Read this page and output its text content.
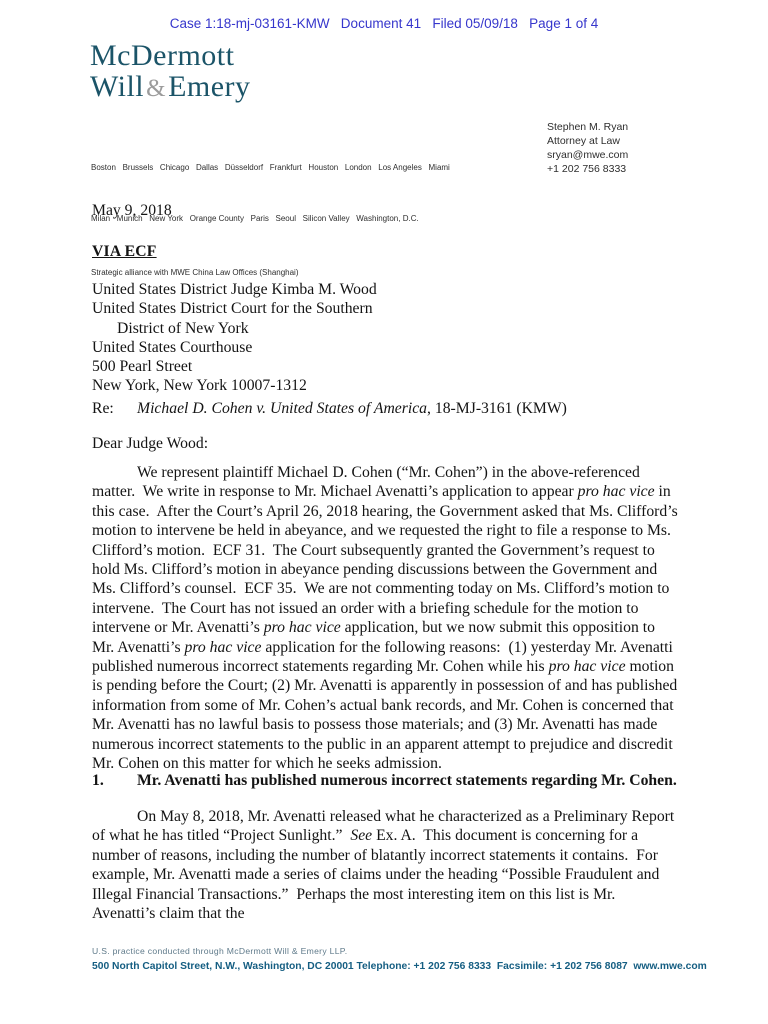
Case 1:18-mj-03161-KMW   Document 41   Filed 05/09/18   Page 1 of 4
McDermott
Will&Emery

Boston   Brussels   Chicago   Dallas   Düsseldorf   Frankfurt   Houston   London   Los Angeles   Miami

Milan   Munich   New York   Orange County   Paris   Seoul   Silicon Valley   Washington, D.C.

Strategic alliance with MWE China Law Offices (Shanghai)

Stephen M. Ryan
Attorney at Law
sryan@mwe.com
+1 202 756 8333
May 9, 2018
VIA ECF
United States District Judge Kimba M. Wood
United States District Court for the Southern
District of New York
United States Courthouse
500 Pearl Street
New York, New York 10007-1312
Re:	Michael D. Cohen v. United States of America, 18-MJ-3161 (KMW)
Dear Judge Wood:
We represent plaintiff Michael D. Cohen (“Mr. Cohen”) in the above-referenced matter.  We write in response to Mr. Michael Avenatti’s application to appear pro hac vice in this case.  After the Court’s April 26, 2018 hearing, the Government asked that Ms. Clifford’s motion to intervene be held in abeyance, and we requested the right to file a response to Ms. Clifford’s motion.  ECF 31.  The Court subsequently granted the Government’s request to hold Ms. Clifford’s motion in abeyance pending discussions between the Government and Ms. Clifford’s counsel.  ECF 35.  We are not commenting today on Ms. Clifford’s motion to intervene.  The Court has not issued an order with a briefing schedule for the motion to intervene or Mr. Avenatti’s pro hac vice application, but we now submit this opposition to Mr. Avenatti’s pro hac vice application for the following reasons:  (1) yesterday Mr. Avenatti published numerous incorrect statements regarding Mr. Cohen while his pro hac vice motion is pending before the Court; (2) Mr. Avenatti is apparently in possession of and has published information from some of Mr. Cohen’s actual bank records, and Mr. Cohen is concerned that Mr. Avenatti has no lawful basis to possess those materials; and (3) Mr. Avenatti has made numerous incorrect statements to the public in an apparent attempt to prejudice and discredit Mr. Cohen on this matter for which he seeks admission.
1.	Mr. Avenatti has published numerous incorrect statements regarding Mr. Cohen.
On May 8, 2018, Mr. Avenatti released what he characterized as a Preliminary Report of what he has titled “Project Sunlight.”  See Ex. A.  This document is concerning for a number of reasons, including the number of blatantly incorrect statements it contains.  For example, Mr. Avenatti made a series of claims under the heading “Possible Fraudulent and Illegal Financial Transactions.”  Perhaps the most interesting item on this list is Mr. Avenatti’s claim that the
U.S. practice conducted through McDermott Will & Emery LLP.
500 North Capitol Street, N.W., Washington, DC 20001 Telephone: +1 202 756 8333  Facsimile: +1 202 756 8087  www.mwe.com
